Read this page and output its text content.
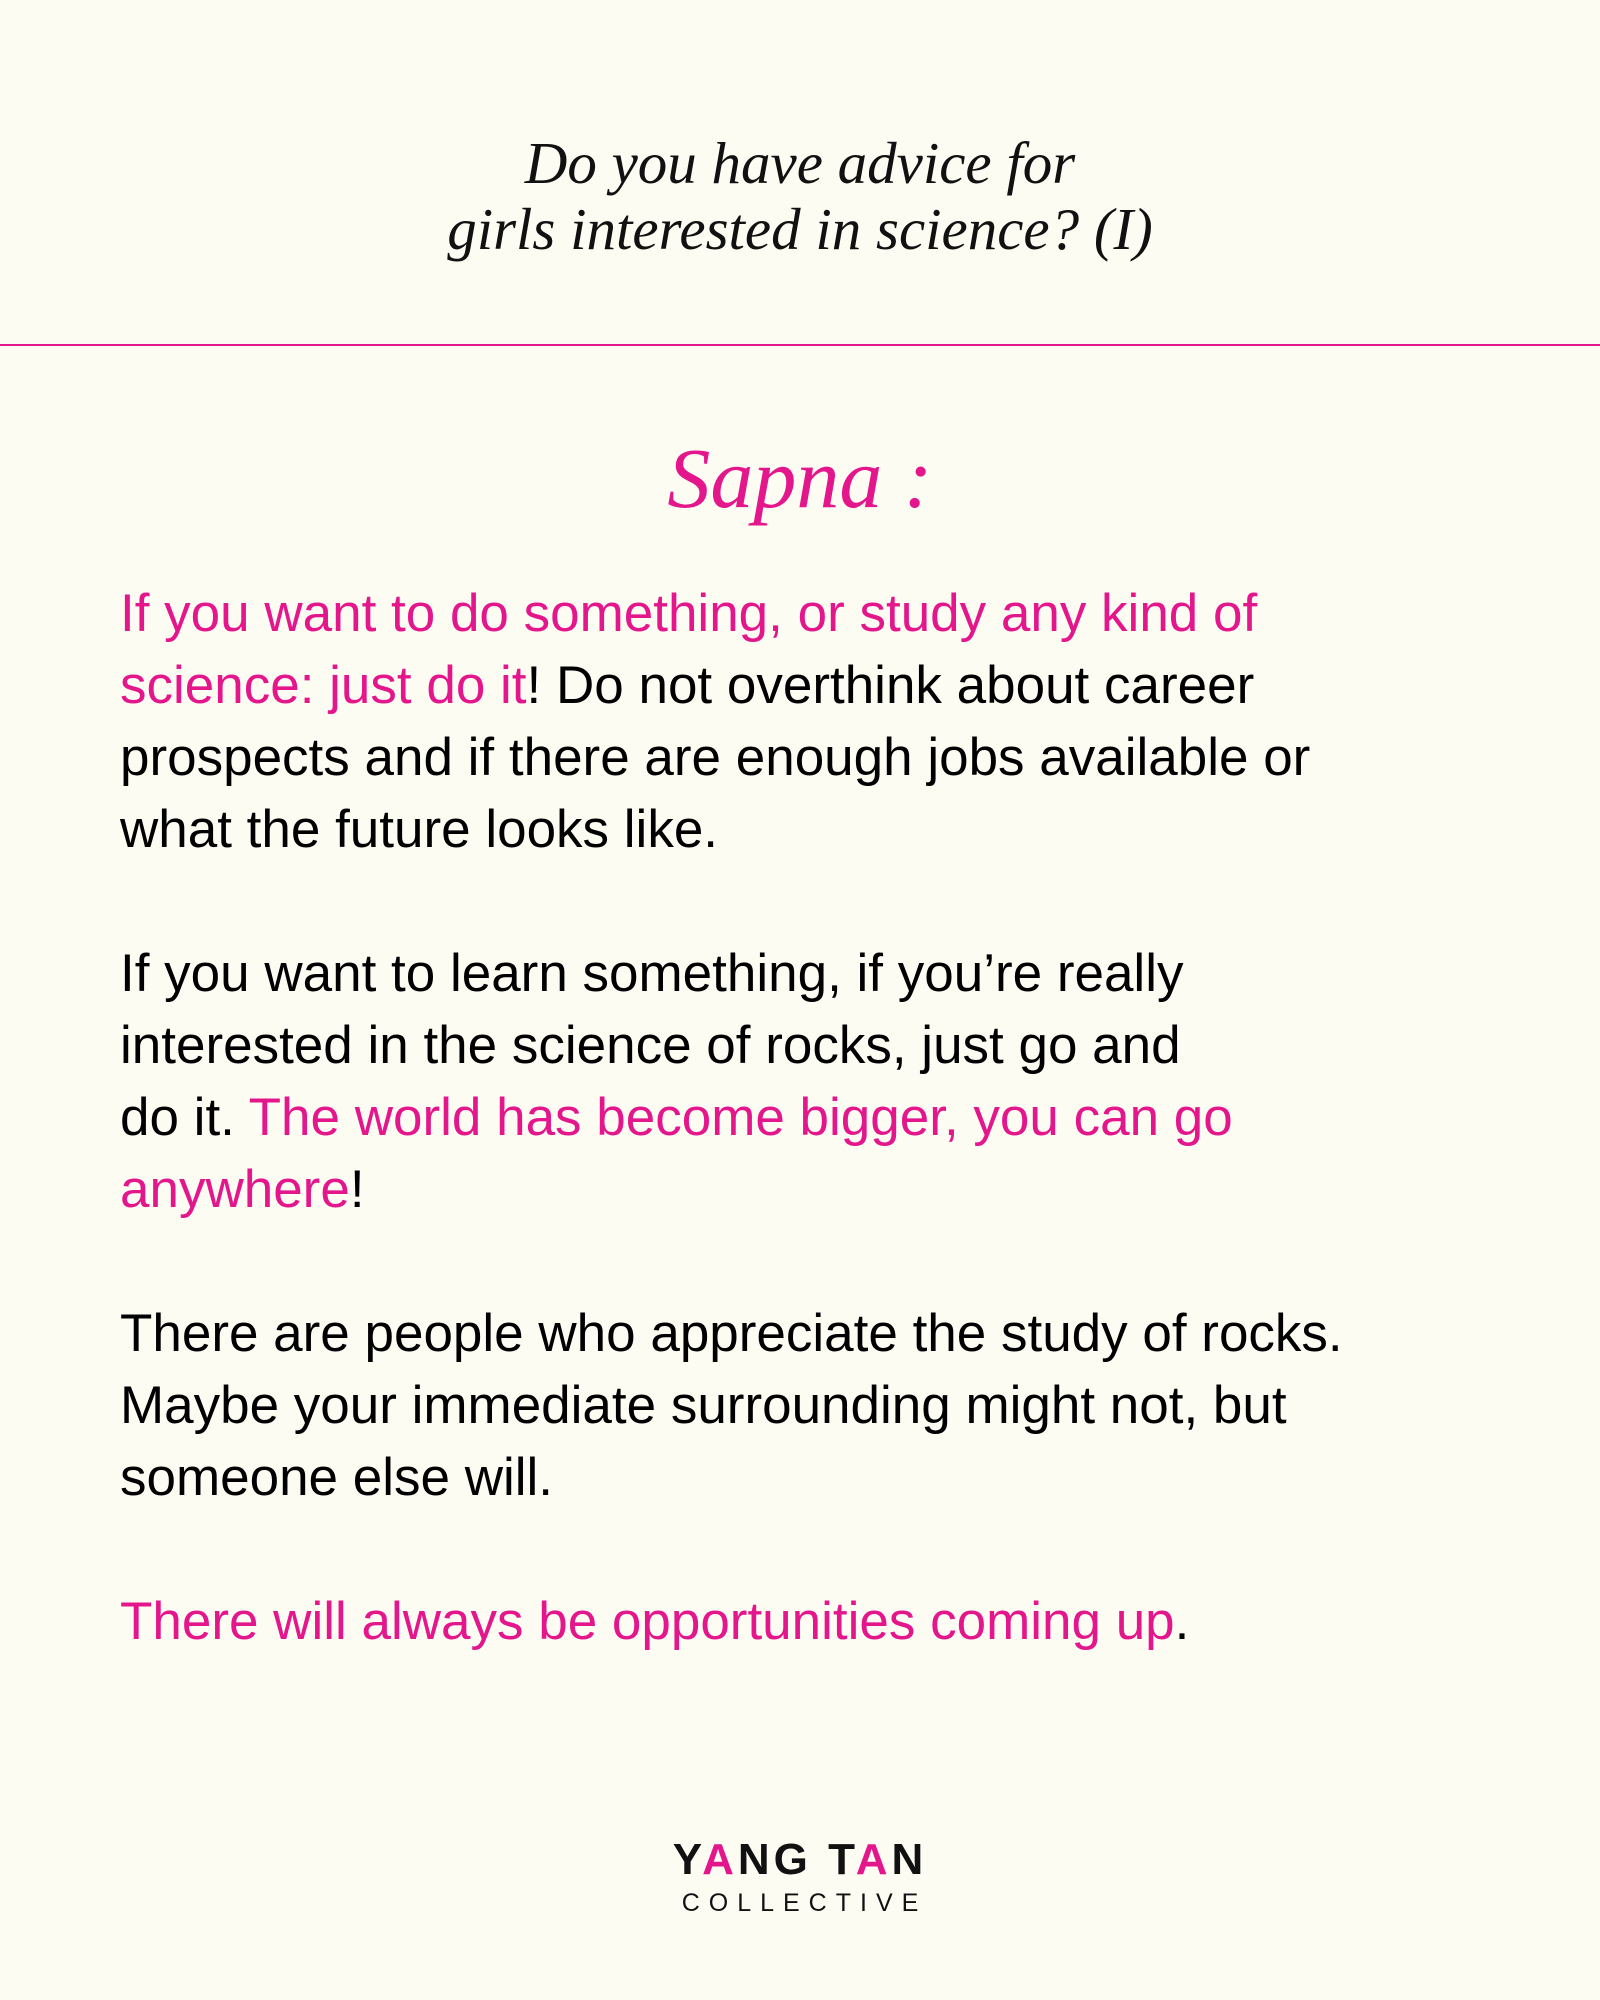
Do you have advice for
girls interested in science? (I)
Sapna :
If you want to do something, or study any kind of
science: just do it! Do not overthink about career
prospects and if there are enough jobs available or
what the future looks like.
If you want to learn something, if you’re really
interested in the science of rocks, just go and
do it. The world has become bigger, you can go
anywhere!
There are people who appreciate the study of rocks.
Maybe your immediate surrounding might not, but
someone else will.
There will always be opportunities coming up.
YANG TAN
COLLECTIVE
